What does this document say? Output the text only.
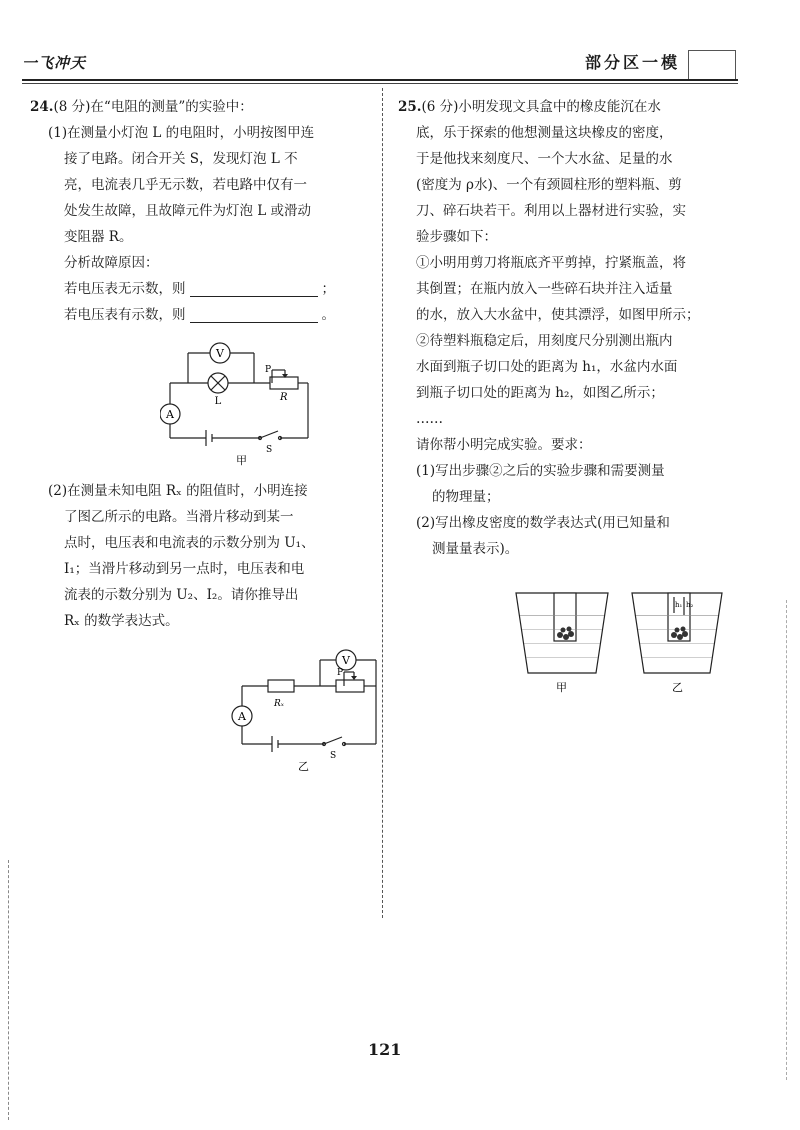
一飞冲天	部分区一模

24.(8 分)在“电阻的测量”的实验中：

(1)在测量小灯泡 L 的电阻时，小明按图甲连

接了电路。闭合开关 S，发现灯泡 L 不

亮，电流表几乎无示数，若电路中仅有一

处发生故障，且故障元件为灯泡 L 或滑动

变阻器 R。

分析故障原因：

若电压表无示数，则	；

若电压表有示数，则	。

V
A
L	R
P
S
甲

(2)在测量未知电阻 Rₓ 的阻值时，小明连接

了图乙所示的电路。当滑片移动到某一

点时，电压表和电流表的示数分别为 U₁、

I₁；当滑片移动到另一点时，电压表和电

流表的示数分别为 U₂、I₂。请你推导出

Rₓ 的数学表达式。

V
A
Rₓ
P
S
乙

25.(6 分)小明发现文具盒中的橡皮能沉在水

底，乐于探索的他想测量这块橡皮的密度，

于是他找来刻度尺、一个大水盆、足量的水

(密度为 ρ水)、一个有颈圆柱形的塑料瓶、剪

刀、碎石块若干。利用以上器材进行实验，实

验步骤如下：

①小明用剪刀将瓶底齐平剪掉，拧紧瓶盖，将

其倒置；在瓶内放入一些碎石块并注入适量

的水，放入大水盆中，使其漂浮，如图甲所示；

②待塑料瓶稳定后，用刻度尺分别测出瓶内

水面到瓶子切口处的距离为 h₁，水盆内水面

到瓶子切口处的距离为 h₂，如图乙所示；

……

请你帮小明完成实验。要求：

(1)写出步骤②之后的实验步骤和需要测量

的物理量；

(2)写出橡皮密度的数学表达式(用已知量和

测量量表示)。

甲
h₁ h₂
乙
121
